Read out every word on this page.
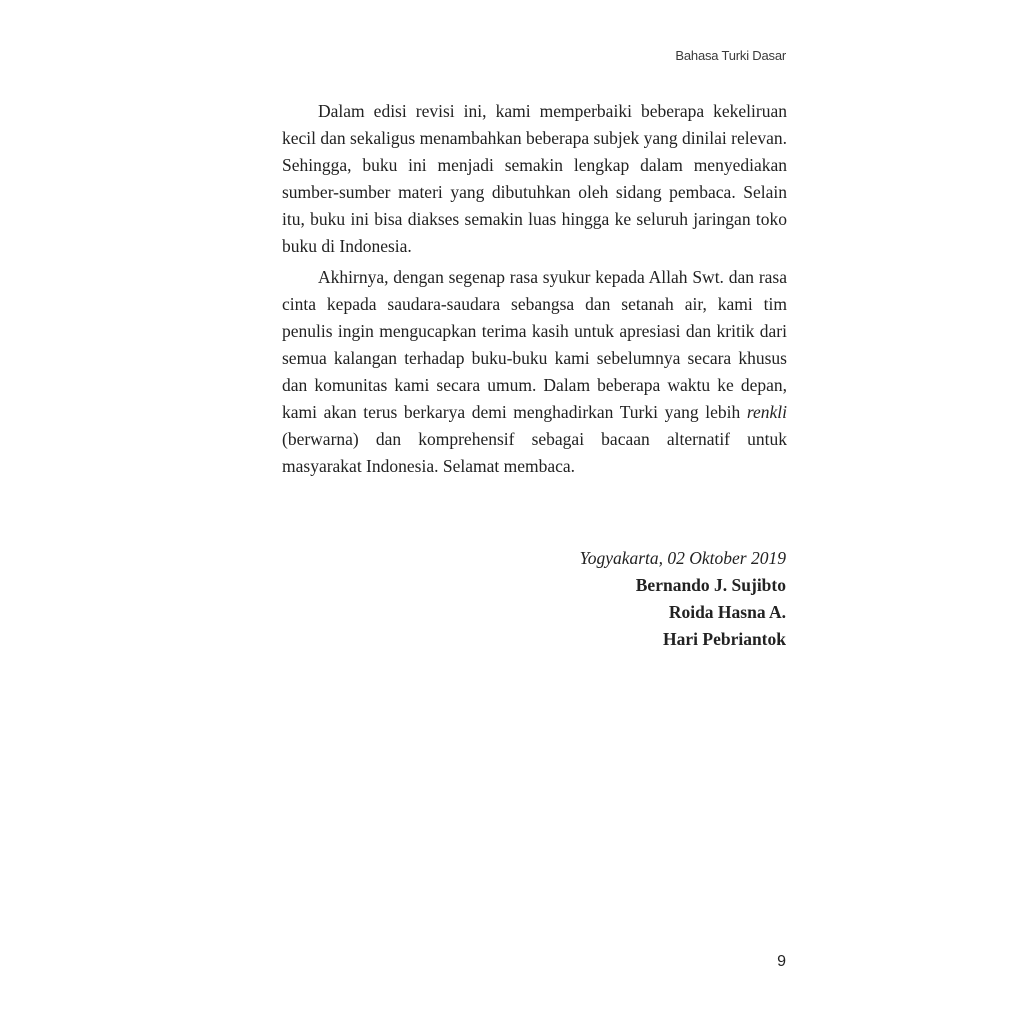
Bahasa Turki Dasar

Dalam edisi revisi ini, kami memperbaiki beberapa kekeliruan kecil dan sekaligus menambahkan beberapa subjek yang dinilai relevan. Sehingga, buku ini menjadi semakin lengkap dalam menyediakan sumber-sumber materi yang dibutuhkan oleh sidang pembaca. Selain itu, buku ini bisa diakses semakin luas hingga ke seluruh jaringan toko buku di Indonesia.

Akhirnya, dengan segenap rasa syukur kepada Allah Swt. dan rasa cinta kepada saudara-saudara sebangsa dan setanah air, kami tim penulis ingin mengucapkan terima kasih untuk apresiasi dan kritik dari semua kalangan terhadap buku-buku kami sebelumnya secara khusus dan komunitas kami secara umum. Dalam beberapa waktu ke depan, kami akan terus berkarya demi menghadirkan Turki yang lebih renkli (berwarna) dan komprehensif sebagai bacaan alternatif untuk masyarakat Indonesia. Selamat membaca.

Yogyakarta, 02 Oktober 2019
Bernando J. Sujibto
Roida Hasna A.
Hari Pebriantok
9
